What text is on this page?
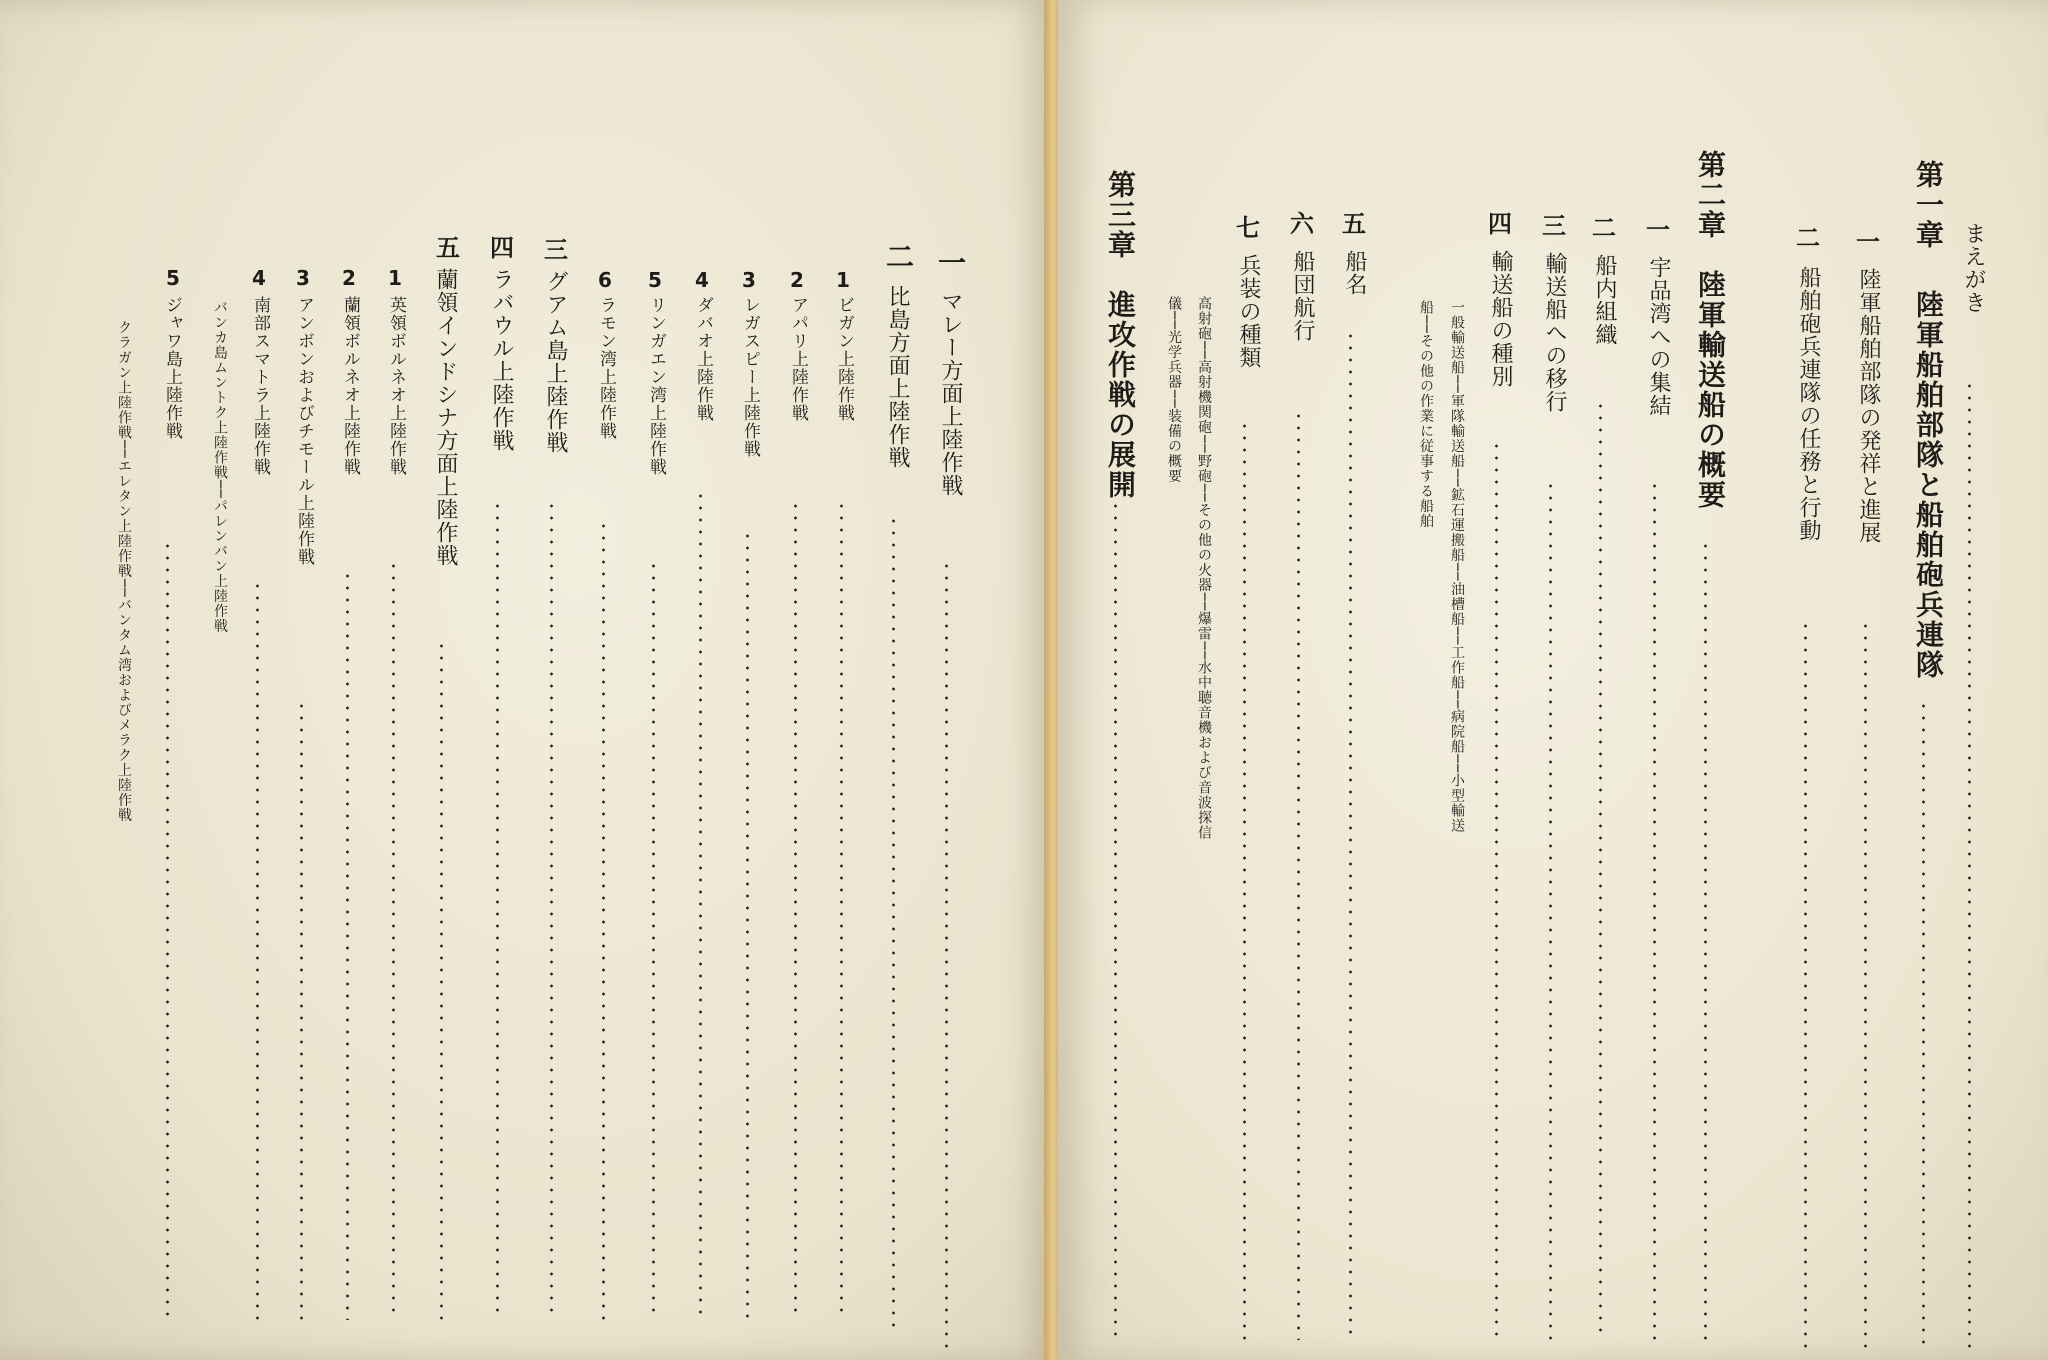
一
マレー方面上陸作戦
二
比島方面上陸作戦
1
ビガン上陸作戦
2
アパリ上陸作戦
3
レガスピー上陸作戦
4
ダバオ上陸作戦
5
リンガエン湾上陸作戦
6
ラモン湾上陸作戦
三
グアム島上陸作戦
四
ラバウル上陸作戦
五
蘭領インドシナ方面上陸作戦
1
英領ボルネオ上陸作戦
2
蘭領ボルネオ上陸作戦
3
アンボンおよびチモール上陸作戦
4
南部スマトラ上陸作戦
バンカ島ムントク上陸作戦──パレンバン上陸作戦
5
ジャワ島上陸作戦
クラガン上陸作戦──エレタン上陸作戦──バンタム湾およびメラク上陸作戦
まえがき
第一章
陸軍船舶部隊と船舶砲兵連隊
一
陸軍船舶部隊の発祥と進展
二
船舶砲兵連隊の任務と行動
第二章
陸軍輸送船の概要
一
宇品湾への集結
二
船内組織
三
輸送船への移行
四
輸送船の種別
一般輸送船──軍隊輸送船──鉱石運搬船──油槽船──工作船──病院船──小型輸送
船──その他の作業に従事する船舶
五
船名
六
船団航行
七
兵装の種類
高射砲──高射機関砲──野砲──その他の火器──爆雷──水中聴音機および音波探信
儀──光学兵器──装備の概要
第三章
進攻作戦の展開
